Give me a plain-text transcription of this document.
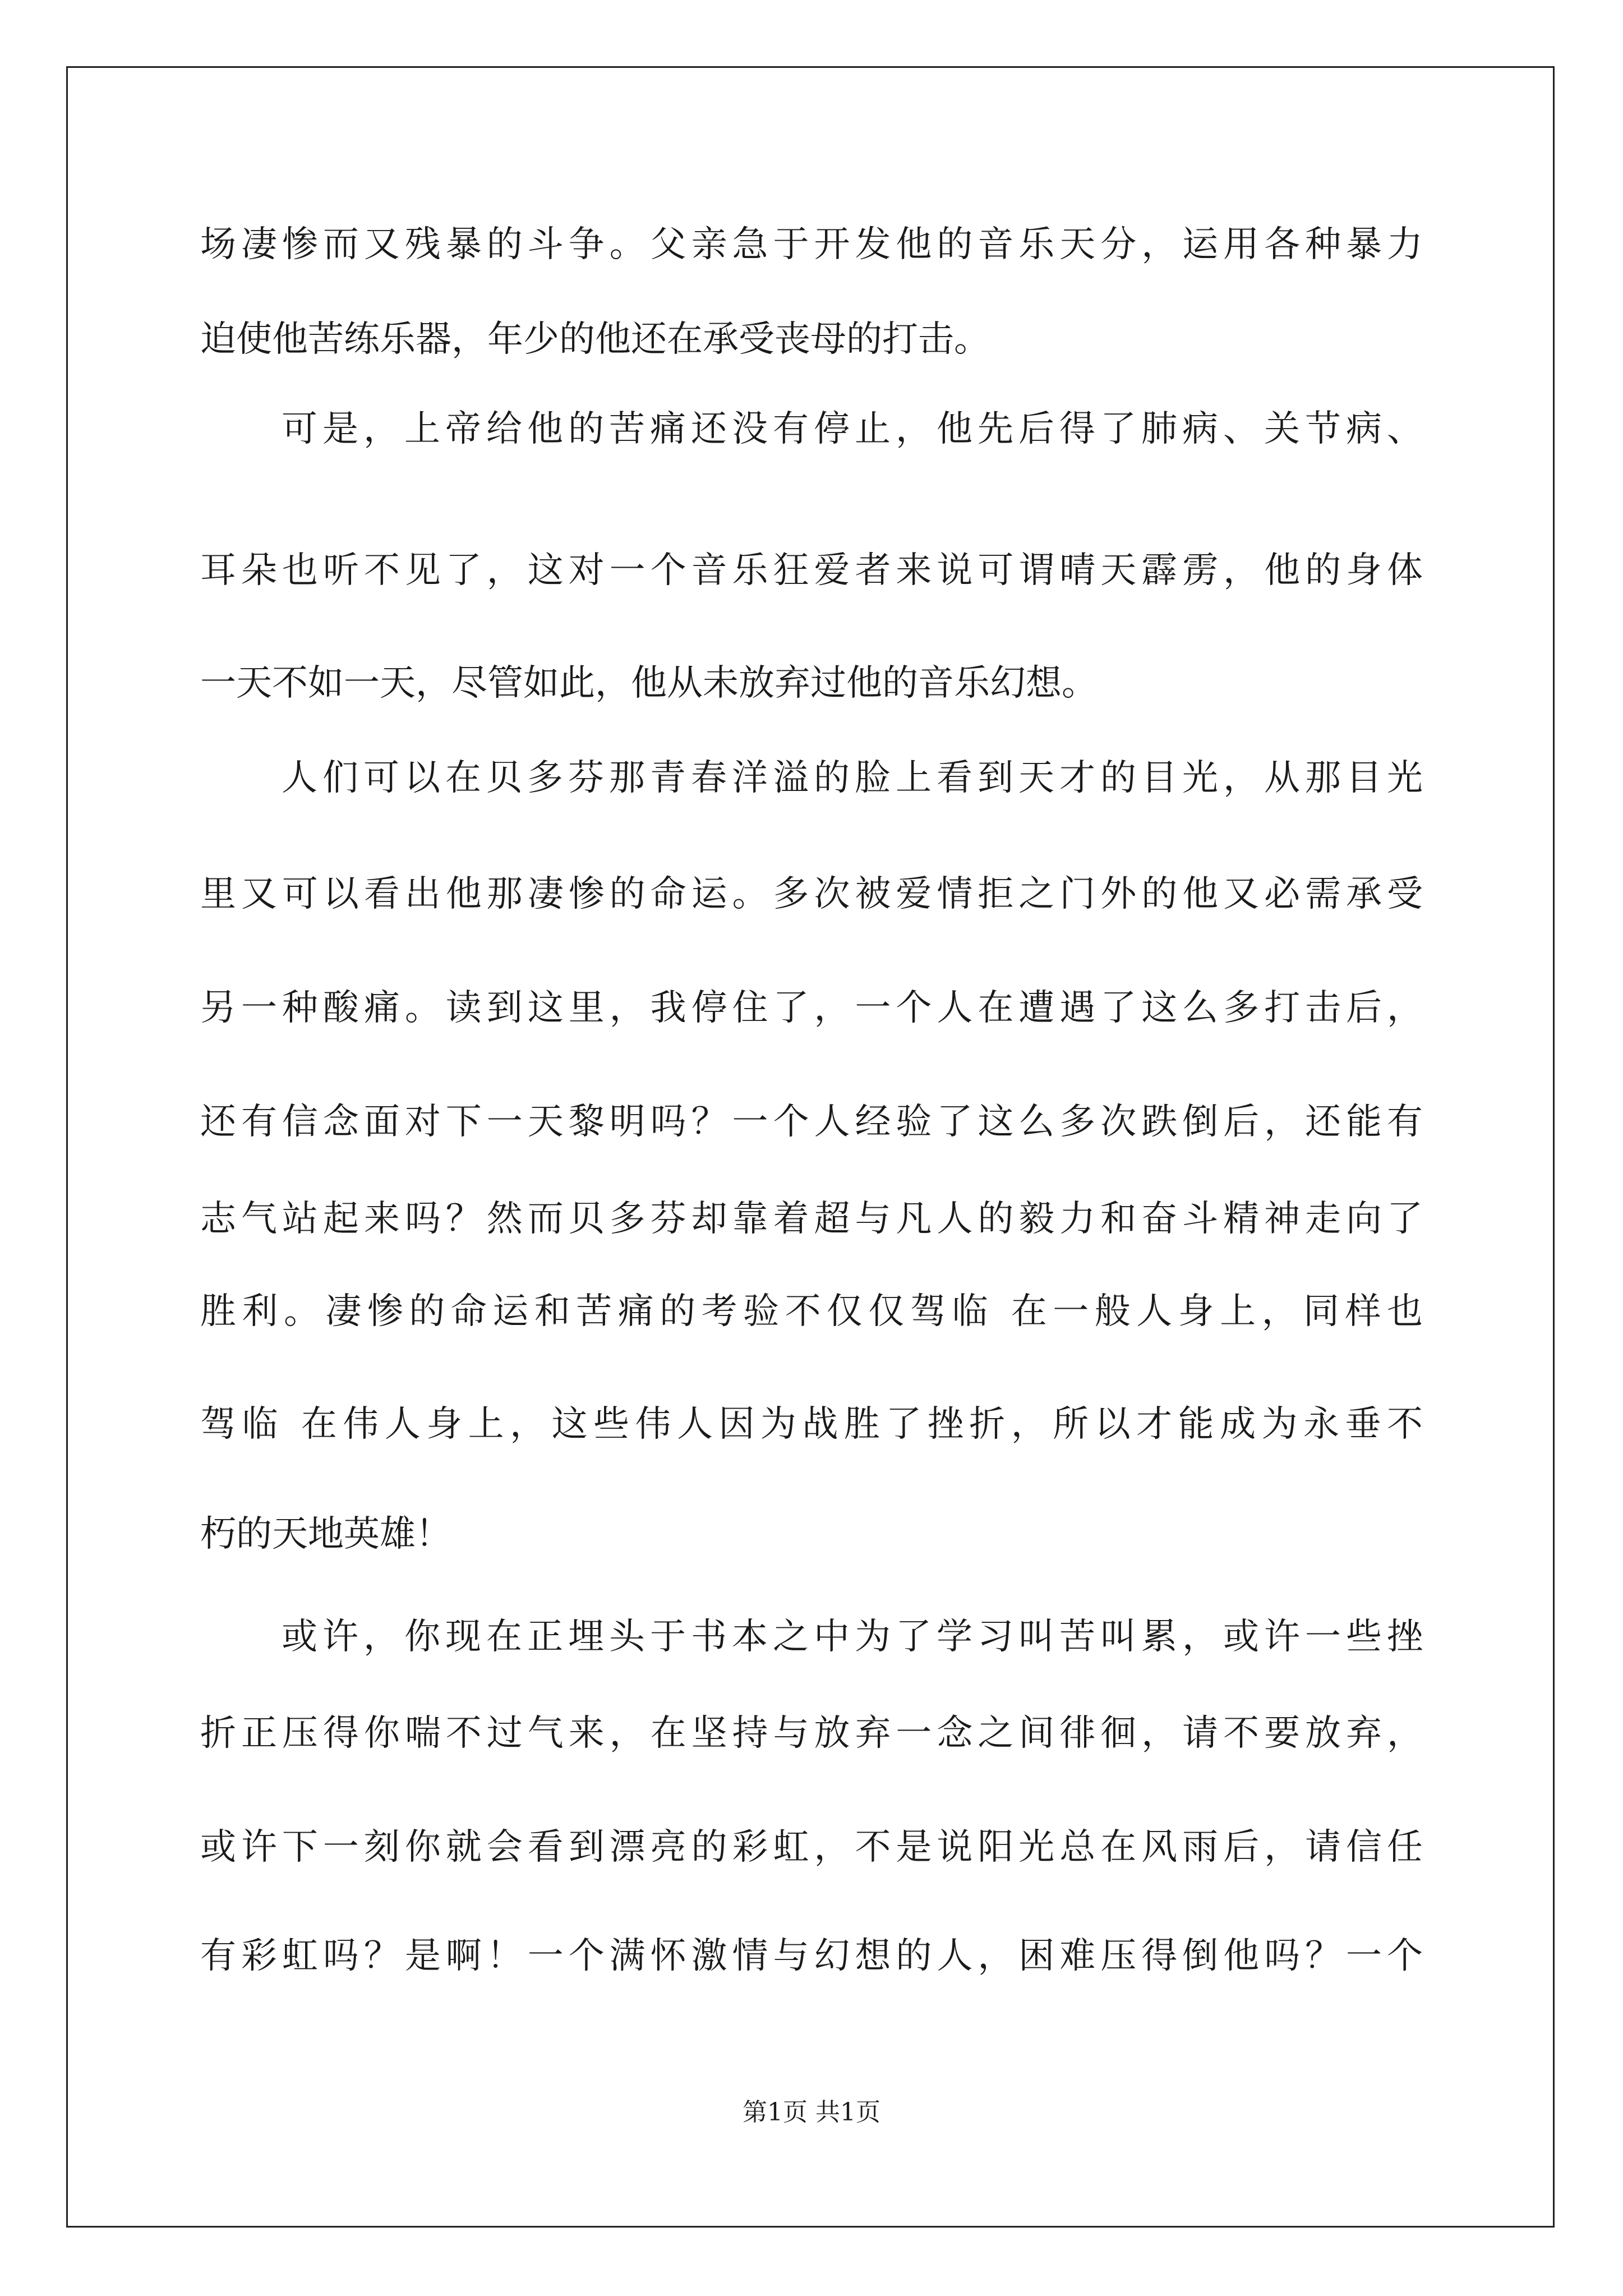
场凄惨而又残暴的斗争。父亲急于开发他的音乐天分，运用各种暴力
迫使他苦练乐器，年少的他还在承受丧母的打击。
可是，上帝给他的苦痛还没有停止，他先后得了肺病、关节病、
耳朵也听不见了，这对一个音乐狂爱者来说可谓晴天霹雳，他的身体
一天不如一天，尽管如此，他从未放弃过他的音乐幻想。
人们可以在贝多芬那青春洋溢的脸上看到天才的目光，从那目光
里又可以看出他那凄惨的命运。多次被爱情拒之门外的他又必需承受
另一种酸痛。读到这里，我停住了，一个人在遭遇了这么多打击后，
还有信念面对下一天黎明吗？一个人经验了这么多次跌倒后，还能有
志气站起来吗？然而贝多芬却靠着超与凡人的毅力和奋斗精神走向了
胜利。凄惨的命运和苦痛的考验不仅仅驾临 在一般人身上，同样也
驾临 在伟人身上，这些伟人因为战胜了挫折，所以才能成为永垂不
朽的天地英雄！
或许，你现在正埋头于书本之中为了学习叫苦叫累，或许一些挫
折正压得你喘不过气来，在坚持与放弃一念之间徘徊，请不要放弃，
或许下一刻你就会看到漂亮的彩虹，不是说阳光总在风雨后，请信任
有彩虹吗？是啊！一个满怀激情与幻想的人，困难压得倒他吗？一个
第1页 共1页
